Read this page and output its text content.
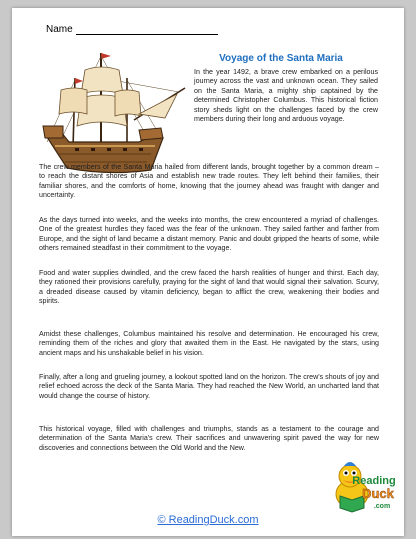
Name
Voyage of the Santa Maria

In the year 1492, a brave crew embarked on a perilous journey across the vast and unknown ocean. They sailed on the Santa Maria, a mighty ship captained by the determined Christopher Columbus. This historical fiction story sheds light on the challenges faced by the crew members during their long and arduous voyage.

The crew members of the Santa Maria hailed from different lands, brought together by a common dream – to reach the distant shores of Asia and establish new trade routes. They left behind their families, their familiar shores, and the comforts of home, knowing that the journey ahead was fraught with danger and uncertainty.

As the days turned into weeks, and the weeks into months, the crew encountered a myriad of challenges. One of the greatest hurdles they faced was the fear of the unknown. They sailed farther and farther from Europe, and the sight of land became a distant memory. Panic and doubt gripped the hearts of some, while others remained steadfast in their commitment to the voyage.

Food and water supplies dwindled, and the crew faced the harsh realities of hunger and thirst. Each day, they rationed their provisions carefully, praying for the sight of land that would signal their salvation. Scurvy, a dreaded disease caused by vitamin deficiency, began to afflict the crew, weakening their bodies and spirits.

Amidst these challenges, Columbus maintained his resolve and determination. He encouraged his crew, reminding them of the riches and glory that awaited them in the East. He navigated by the stars, using ancient maps and his unshakable belief in his vision.

Finally, after a long and grueling journey, a lookout spotted land on the horizon. The crew's shouts of joy and relief echoed across the deck of the Santa Maria. They had reached the New World, an uncharted land that would change the course of history.

This historical voyage, filled with challenges and triumphs, stands as a testament to the courage and determination of the Santa Maria's crew. Their sacrifices and unwavering spirit paved the way for new discoveries and connections between the Old World and the New.

© ReadingDuck.com
Reading
Duck
.com
